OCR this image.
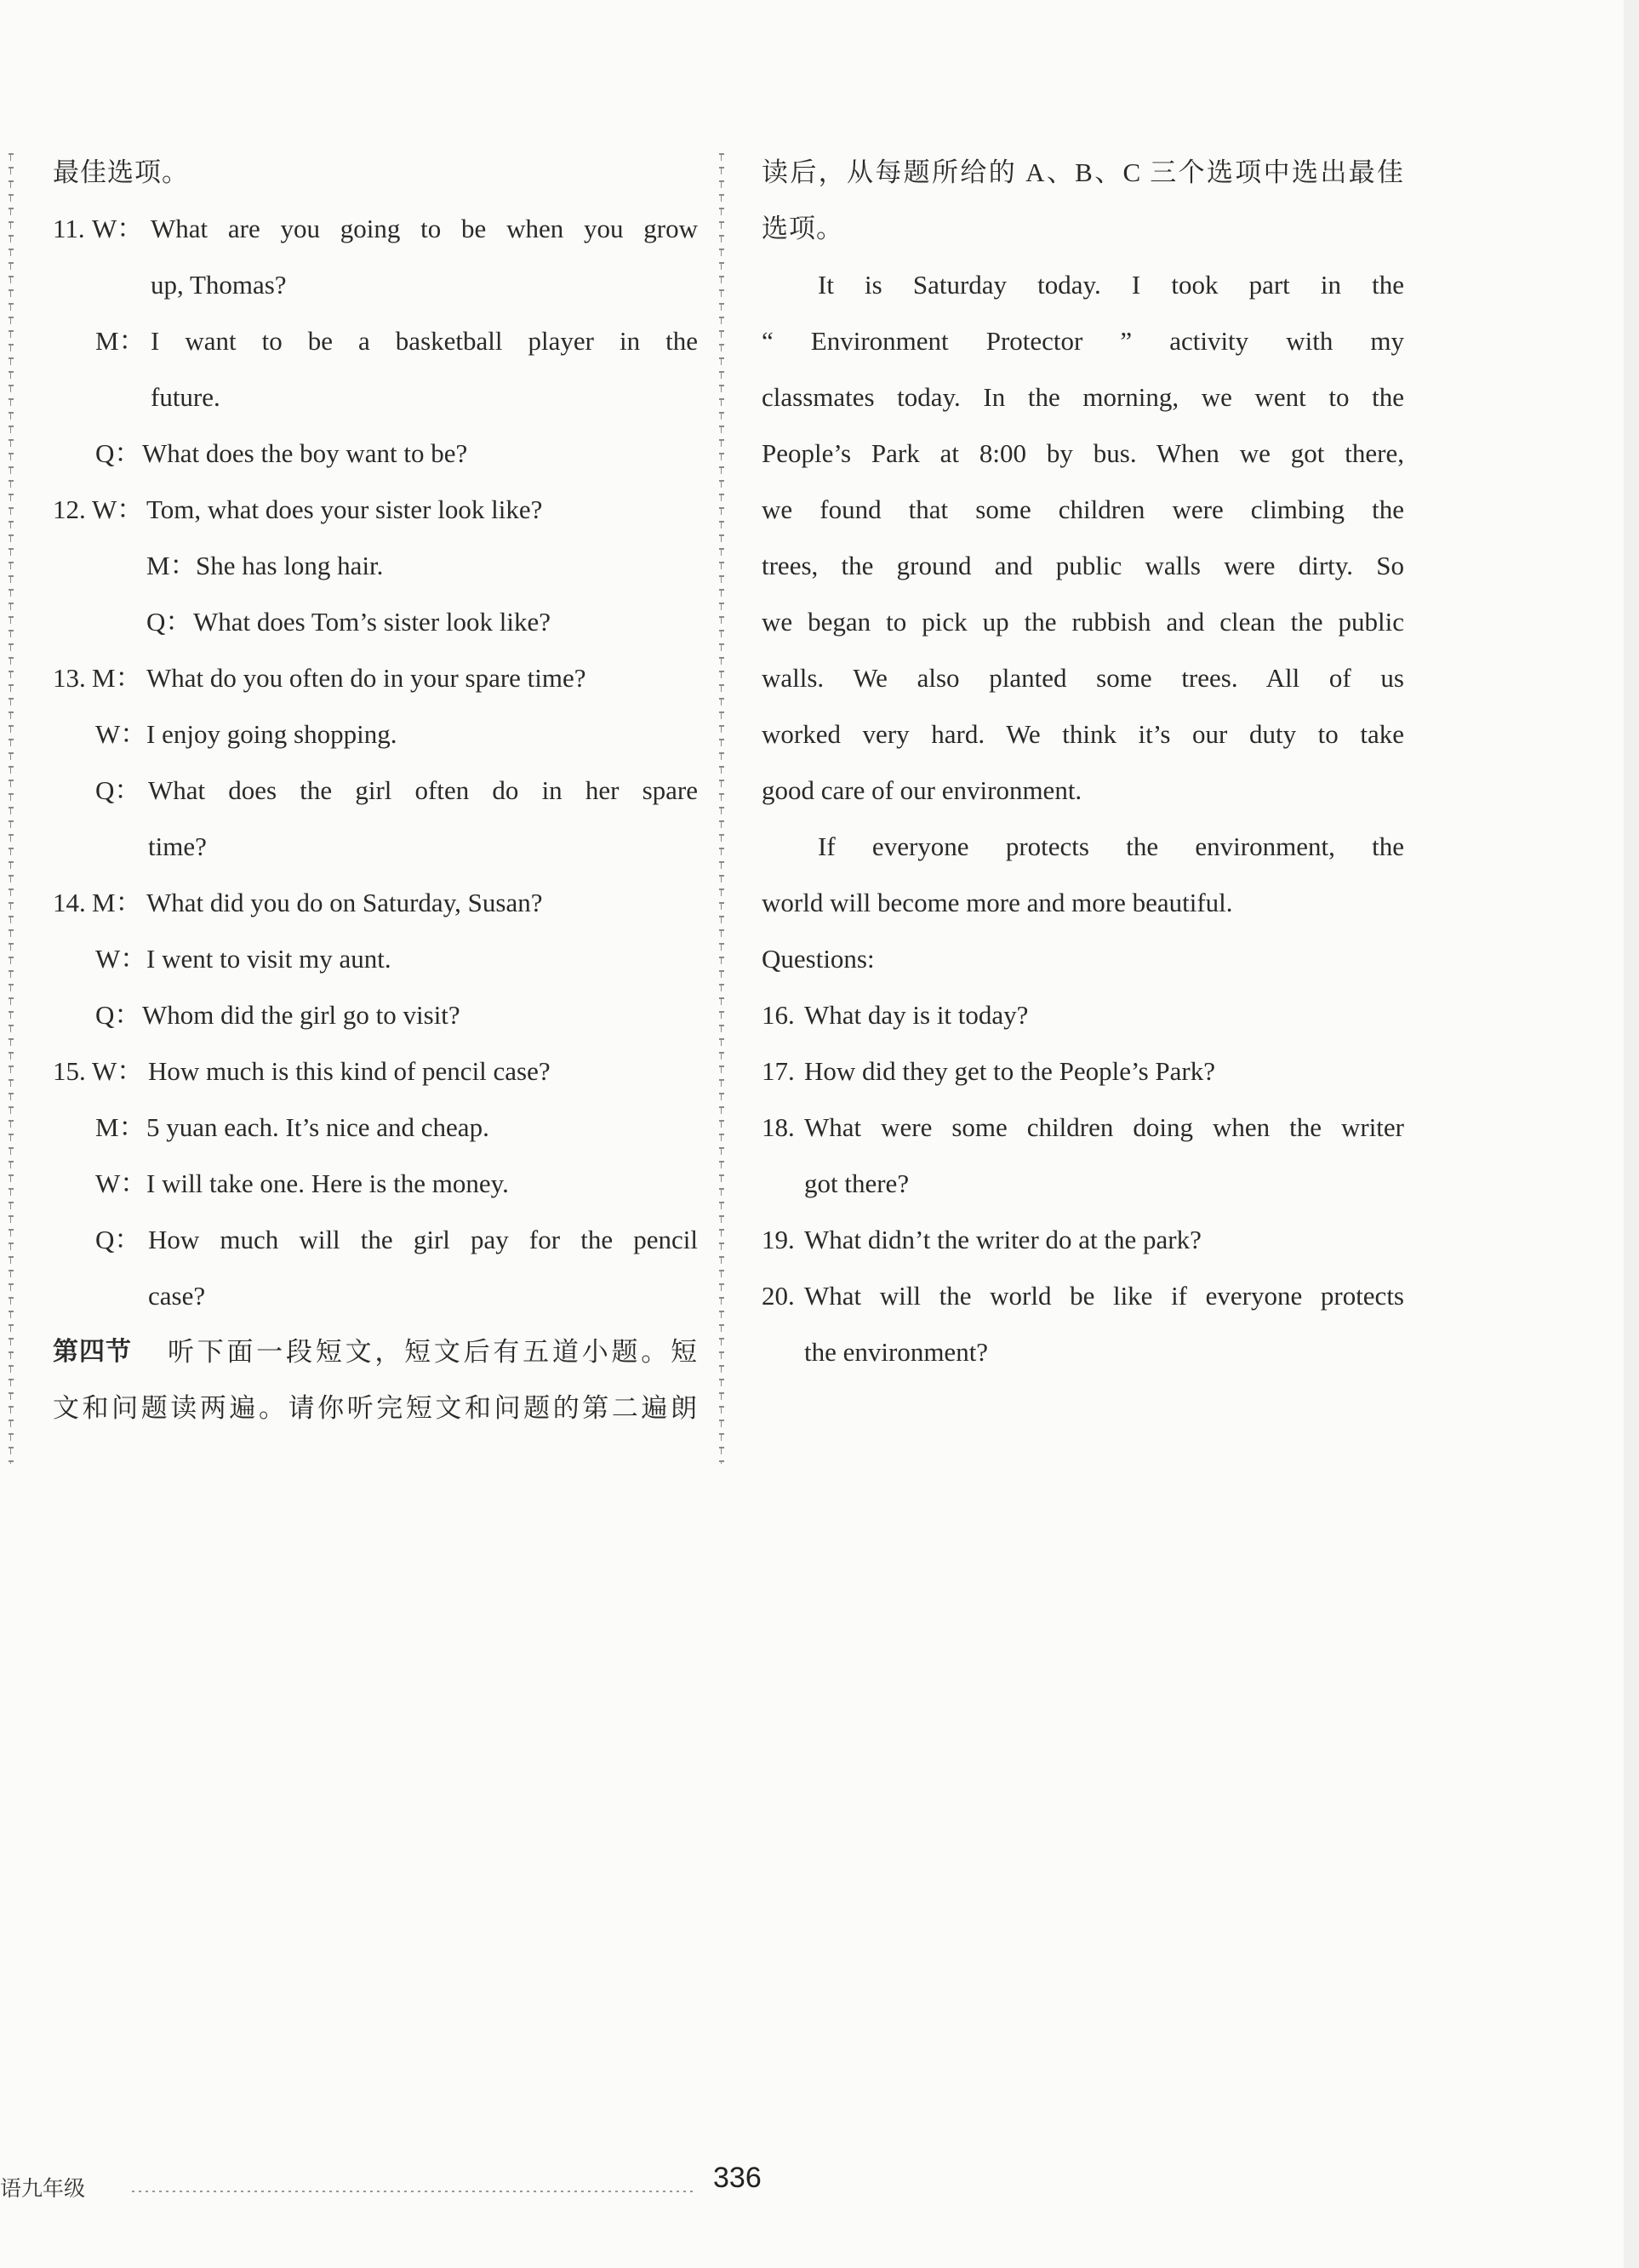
最佳选项。
11. W： What are you going to be when you grow
up, Thomas?
M： I want to be a basketball player in the
future.
Q： What does the boy want to be?
12. W： Tom, what does your sister look like?
M： She has long hair.
Q： What does Tom’s sister look like?
13. M： What do you often do in your spare time?
W： I enjoy going shopping.
Q： What does the girl often do in her spare
time?
14. M： What did you do on Saturday, Susan?
W： I went to visit my aunt.
Q： Whom did the girl go to visit?
15. W： How much is this kind of pencil case?
M： 5 yuan each. It’s nice and cheap.
W： I will take one. Here is the money.
Q： How much will the girl pay for the pencil
case?
第四节 听下面一段短文，短文后有五道小题。短
文和问题读两遍。请你听完短文和问题的第二遍朗
读后，从每题所给的 A、B、C 三个选项中选出最佳
选项。
It is Saturday today. I took part in the
“ Environment Protector ” activity with my
classmates today. In the morning, we went to the
People’s Park at 8:00 by bus. When we got there,
we found that some children were climbing the
trees, the ground and public walls were dirty. So
we began to pick up the rubbish and clean the public
walls. We also planted some trees. All of us
worked very hard. We think it’s our duty to take
good care of our environment.
If everyone protects the environment, the
world will become more and more beautiful.
Questions:
16. What day is it today?
17. How did they get to the People’s Park?
18. What were some children doing when the writer
got there?
19. What didn’t the writer do at the park?
20. What will the world be like if everyone protects
the environment?
语九年级	336
